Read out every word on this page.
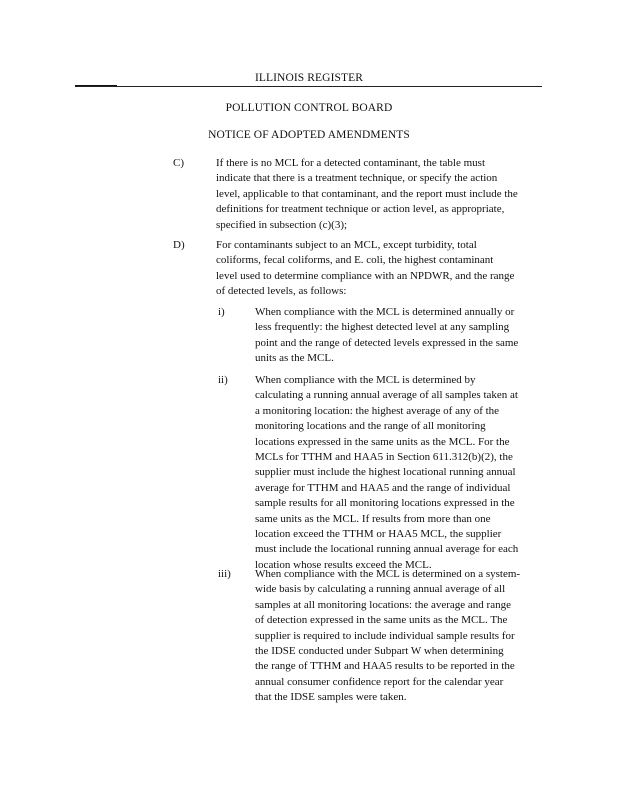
ILLINOIS REGISTER
POLLUTION CONTROL BOARD
NOTICE OF ADOPTED AMENDMENTS
C)	If there is no MCL for a detected contaminant, the table must
indicate that there is a treatment technique, or specify the action
level, applicable to that contaminant, and the report must include the
definitions for treatment technique or action level, as appropriate,
specified in subsection (c)(3);
D)	For contaminants subject to an MCL, except turbidity, total
coliforms, fecal coliforms, and E. coli, the highest contaminant
level used to determine compliance with an NPDWR, and the range
of detected levels, as follows:
i)	When compliance with the MCL is determined annually or
less frequently: the highest detected level at any sampling
point and the range of detected levels expressed in the same
units as the MCL.
ii) When compliance with the MCL is determined by
calculating a running annual average of all samples taken at
a monitoring location: the highest average of any of the
monitoring locations and the range of all monitoring
locations expressed in the same units as the MCL. For the
MCLs for TTHM and HAA5 in Section 611.312(b)(2), the
supplier must include the highest locational running annual
average for TTHM and HAA5 and the range of individual
sample results for all monitoring locations expressed in the
same units as the MCL. If results from more than one
location exceed the TTHM or HAA5 MCL, the supplier
must include the locational running annual average for each
location whose results exceed the MCL.
iii) When compliance with the MCL is determined on a system-
wide basis by calculating a running annual average of all
samples at all monitoring locations: the average and range
of detection expressed in the same units as the MCL. The
supplier is required to include individual sample results for
the IDSE conducted under Subpart W when determining
the range of TTHM and HAA5 results to be reported in the
annual consumer confidence report for the calendar year
that the IDSE samples were taken.
